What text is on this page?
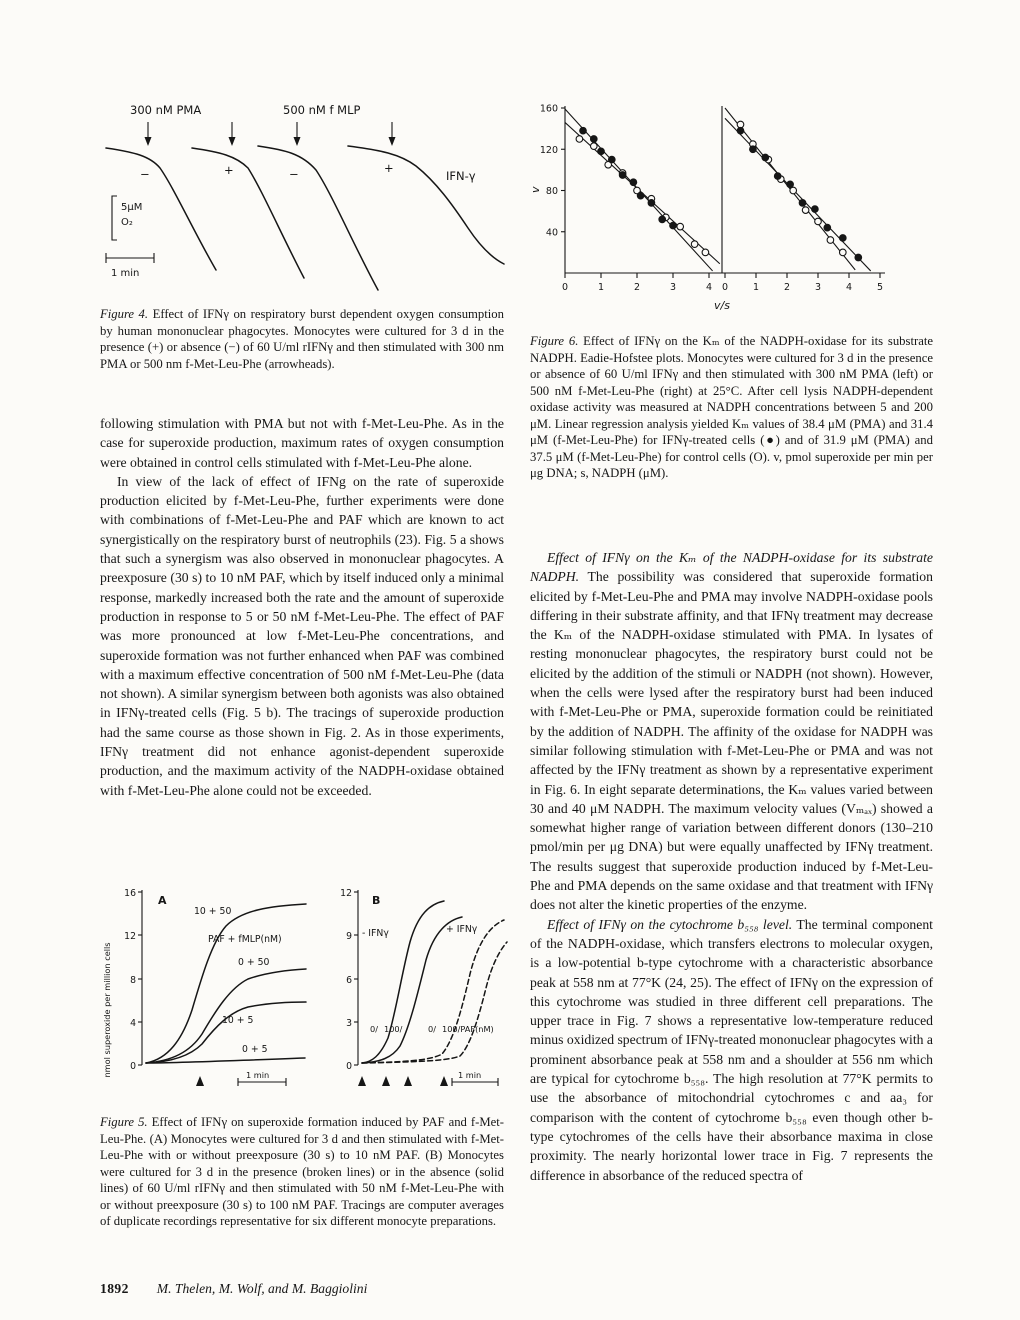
300 nM PMA	500 nM f MLP
−	+	−	+
IFN-γ
5μM
O₂
1 min
40
80
120
160
0	1	2	3	4 0	1	2	3	4	5
v
v/s

Figure 4. Effect of IFNγ on respiratory burst dependent oxygen consumption by human mononuclear phagocytes. Monocytes were cultured for 3 d in the presence (+) or absence (−) of 60 U/ml rIFNγ and then stimulated with 300 nm PMA or 500 nm f-Met-Leu-Phe (arrowheads).

Figure 6. Effect of IFNγ on the Kₘ of the NADPH-oxidase for its substrate NADPH. Eadie-Hofstee plots. Monocytes were cultured for 3 d in the presence or absence of 60 U/ml IFNγ and then stimulated with 300 nM PMA (left) or 500 nM f-Met-Leu-Phe (right) at 25°C. After cell lysis NADPH-dependent oxidase activity was measured at NADPH concentrations between 5 and 200 μM. Linear regression analysis yielded Kₘ values of 38.4 μM (PMA) and 31.4 μM (f-Met-Leu-Phe) for IFNγ-treated cells (●) and of 31.9 μM (PMA) and 37.5 μM (f-Met-Leu-Phe) for control cells (O). v, pmol superoxide per min per μg DNA; s, NADPH (μM).

following stimulation with PMA but not with f-Met-Leu-Phe. As in the case for superoxide production, maximum rates of oxygen consumption were obtained in control cells stimulated with f-Met-Leu-Phe alone.

In view of the lack of effect of IFNg on the rate of superoxide production elicited by f-Met-Leu-Phe, further experiments were done with combinations of f-Met-Leu-Phe and PAF which are known to act synergistically on the respiratory burst of neutrophils (23). Fig. 5 a shows that such a synergism was also observed in mononuclear phagocytes. A preexposure (30 s) to 10 nM PAF, which by itself induced only a minimal response, markedly increased both the rate and the amount of superoxide production in response to 5 or 50 nM f-Met-Leu-Phe. The effect of PAF was more pronounced at low f-Met-Leu-Phe concentrations, and superoxide formation was not further enhanced when PAF was combined with a maximum effective concentration of 500 nM f-Met-Leu-Phe (data not shown). A similar synergism between both agonists was also obtained in IFNγ-treated cells (Fig. 5 b). The tracings of superoxide production had the same course as those shown in Fig. 2. As in those experiments, IFNγ treatment did not enhance agonist-dependent superoxide production, and the maximum activity of the NADPH-oxidase obtained with f-Met-Leu-Phe alone could not be exceeded.

nmol superoxide per million cells
16
12
8
4
0
A
10 + 50
PAF + fMLP(nM)
0 + 50
10 + 5
0 + 5
1 min
12
9
6
3
0
B
- IFNγ	+ IFNγ
0/ 100/	0/ 100/PAF(nM)
1 min

Figure 5. Effect of IFNγ on superoxide formation induced by PAF and f-Met-Leu-Phe. (A) Monocytes were cultured for 3 d and then stimulated with f-Met-Leu-Phe with or without preexposure (30 s) to 10 nM PAF. (B) Monocytes were cultured for 3 d in the presence (broken lines) or in the absence (solid lines) of 60 U/ml rIFNγ and then stimulated with 50 nM f-Met-Leu-Phe with or without preexposure (30 s) to 100 nM PAF. Tracings are computer averages of duplicate recordings representative for six different monocyte preparations.

Effect of IFNγ on the Kₘ of the NADPH-oxidase for its substrate NADPH. The possibility was considered that superoxide formation elicited by f-Met-Leu-Phe and PMA may involve NADPH-oxidase pools differing in their substrate affinity, and that IFNγ treatment may decrease the Kₘ of the NADPH-oxidase stimulated with PMA. In lysates of resting mononuclear phagocytes, the respiratory burst could not be elicited by the addition of the stimuli or NADPH (not shown). However, when the cells were lysed after the respiratory burst had been induced with f-Met-Leu-Phe or PMA, superoxide formation could be reinitiated by the addition of NADPH. The affinity of the oxidase for NADPH was similar following stimulation with f-Met-Leu-Phe or PMA and was not affected by the IFNγ treatment as shown by a representative experiment in Fig. 6. In eight separate determinations, the Kₘ values varied between 30 and 40 μM NADPH. The maximum velocity values (Vₘₐₓ) showed a somewhat higher range of variation between different donors (130–210 pmol/min per μg DNA) but were equally unaffected by IFNγ treatment. The results suggest that superoxide production induced by f-Met-Leu-Phe and PMA depends on the same oxidase and that treatment with IFNγ does not alter the kinetic properties of the enzyme.

Effect of IFNγ on the cytochrome b₅₅₈ level. The terminal component of the NADPH-oxidase, which transfers electrons to molecular oxygen, is a low-potential b-type cytochrome with a characteristic absorbance peak at 558 nm at 77°K (24, 25). The effect of IFNγ on the expression of this cytochrome was studied in three different cell preparations. The upper trace in Fig. 7 shows a representative low-temperature reduced minus oxidized spectrum of IFNγ-treated mononuclear phagocytes with a prominent absorbance peak at 558 nm and a shoulder at 556 nm which are typical for cytochrome b₅₅₈. The high resolution at 77°K permits to use the absorbance of mitochondrial cytochromes c and aa₃ for comparison with the content of cytochrome b₅₅₈ even though other b-type cytochromes of the cells have their absorbance maxima in close proximity. The nearly horizontal lower trace in Fig. 7 represents the difference in absorbance of the reduced spectra of

1892 M. Thelen, M. Wolf, and M. Baggiolini
